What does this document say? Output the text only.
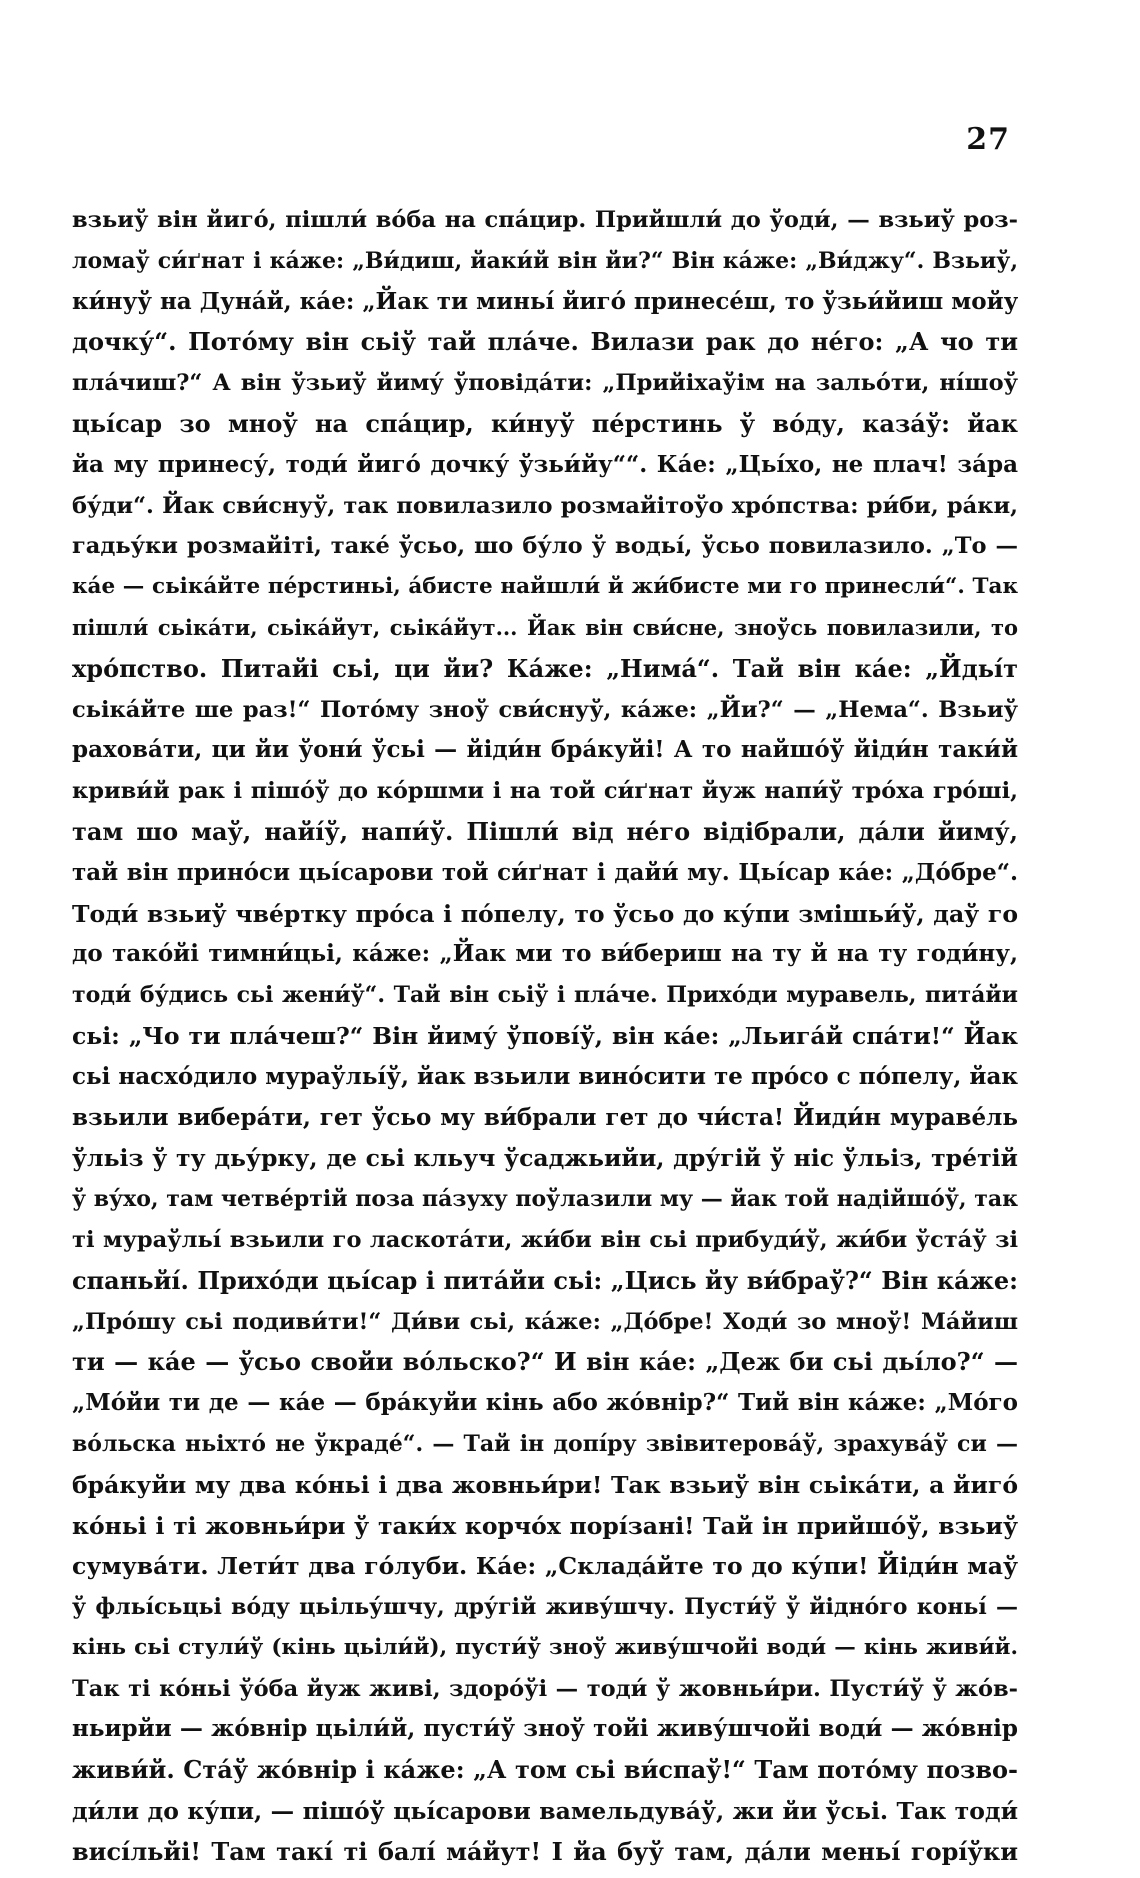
27
взьиў він йиго́, пішли́ во́ба на спа́цир. Прийшли́ до ўоди́, — взьиў роз-
ломаў си́ґнат і ка́же: „Ви́диш, йаки́й він йи?“ Він ка́же: „Ви́джу“. Взьиў,
ки́нуў на Дуна́й, ка́е: „Йак ти миньі́ йиго́ принесе́ш, то ўзьи́йиш мойу
дочку́“. Пото́му він сьіў тай пла́че. Вилази рак до не́го: „А чо ти
пла́чиш?“ А він ўзьиў йиму́ ўповіда́ти: „Прийіхаўім на зальо́ти, ні́шоў
цьі́сар зо мноў на спа́цир, ки́нуў пе́рстинь ў во́ду, каза́ў: йак
йа му принесу́, тоди́ йиго́ дочку́ ўзьи́йу““. Ка́е: „Цьі́хо, не плач! за́ра
бу́ди“. Йак сви́снуў, так повилазило розмайітоўо хро́пства: ри́би, ра́ки,
гадьу́ки розмайіті, таке́ ўсьо, шо бу́ло ў водьі́, ўсьо повилазило. „То —
ка́е — сьіка́йте пе́рстиньі, а́бисте найшли́ й жи́бисте ми го принесли́“. Так
пішли́ сьіка́ти, сьіка́йут, сьіка́йут... Йак він сви́сне, зноўсь повилазили, то
хро́пство. Питайі сьі, ци йи? Ка́же: „Нима́“. Тай він ка́е: „Йдьі́т
сьіка́йте ше раз!“ Пото́му зноў сви́снуў, ка́же: „Йи?“ — „Нема“. Взьиў
рахова́ти, ци йи ўони́ ўсьі — йіди́н бра́куйі! А то найшо́ў йіди́н таки́й
криви́й рак і пішо́ў до ко́ршми і на той си́ґнат йуж напи́ў тро́ха гро́ші,
там шо маў, найі́ў, напи́ў. Пішли́ від не́го відібрали, да́ли йиму́,
тай він прино́си цьі́сарови той си́ґнат і дайи́ му. Цьі́сар ка́е: „До́бре“.
Тоди́ взьиў чве́ртку про́са і по́пелу, то ўсьо до ку́пи змішьи́ў, даў го
до тако́йі тимни́цьі, ка́же: „Йак ми то ви́бериш на ту й на ту годи́ну,
тоди́ бу́дись сьі жени́ў“. Тай він сьіў і пла́че. Прихо́ди муравель, пита́йи
сьі: „Чо ти пла́чеш?“ Він йиму́ ўпові́ў, він ка́е: „Льига́й спа́ти!“ Йак
сьі насхо́дило мураўльі́ў, йак взьили вино́сити те про́со с по́пелу, йак
взьили вибера́ти, гет ўсьо му ви́брали гет до чи́ста! Йиди́н мураве́ль
ўльіз ў ту дьу́рку, де сьі кльуч ўсаджьийи, дру́гій ў ніс ўльіз, тре́тій
ў ву́хо, там четве́ртій поза па́зуху поўлазили му — йак той надійшо́ў, так
ті мураўльі́ взьили го ласкота́ти, жи́би він сьі прибуди́ў, жи́би ўста́ў зі
спаньйі́. Прихо́ди цьі́сар і пита́йи сьі: „Цись йу ви́браў?“ Він ка́же:
„Про́шу сьі подиви́ти!“ Ди́ви сьі, ка́же: „До́бре! Ходи́ зо мноў! Ма́йиш
ти — ка́е — ўсьо свойи во́льско?“ И він ка́е: „Деж би сьі дьі́ло?“ —
„Мо́йи ти де — ка́е — бра́куйи кінь або жо́внір?“ Тий він ка́же: „Мо́го
во́льска ньіхто́ не ўкраде́“. — Тай ін допі́ру звівитерова́ў, зрахува́ў си —
бра́куйи му два ко́ньі і два жовньи́ри! Так взьиў він сьіка́ти, а йиго́
ко́ньі і ті жовньи́ри ў таки́х корчо́х порі́зані! Тай ін прийшо́ў, взьиў
сумува́ти. Лети́т два го́луби. Ка́е: „Склада́йте то до ку́пи! Йіди́н маў
ў фльі́сьцьі во́ду цьільу́шчу, дру́гій живу́шчу. Пусти́ў ў йідно́го коньі́ —
кінь сьі стули́ў (кінь цьіли́й), пусти́ў зноў живу́шчойі води́ — кінь живи́й.
Так ті ко́ньі ўо́ба йуж живі, здоро́ўі — тоди́ ў жовньи́ри. Пусти́ў ў жо́в-
ньирйи — жо́внір цьіли́й, пусти́ў зноў тойі живу́шчойі води́ — жо́внір
живи́й. Ста́ў жо́внір і ка́же: „А том сьі ви́спаў!“ Там пото́му позво-
ди́ли до ку́пи, — пішо́ў цьі́сарови вамельдува́ў, жи йи ўсьі. Так тоди́
висі́льйі! Там такі́ ті балі́ ма́йут! І йа буў там, да́ли меньі́ горі́ўки
